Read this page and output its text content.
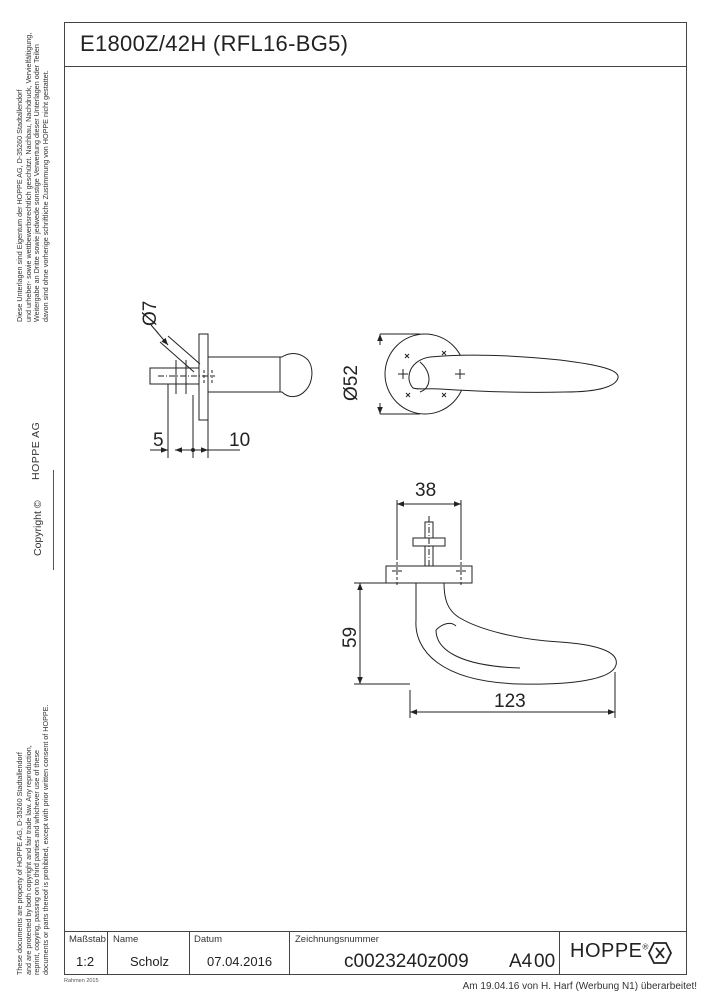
E1800Z/42H (RFL16-BG5)
Diese Unterlagen sind Eigentum der HOPPE AG, D-35260 Stadtallendorf und urheber- sowie wettbewerbsrechtlich geschützt. Nachbau, Nachdruck, Vervielfältigung, Weitergabe an Dritte sowie jedwede sonstige Verwertung dieser Unterlagen oder Teilen davon sind ohne vorherige schriftliche Zustimmung von HOPPE nicht gestattet.
Copyright ©
HOPPE AG
These documents are property of HOPPE AG, D-35260 Stadtallendorf and are protected by both copyright and fair trade law. Any reproduction, reprint, copying, passing on to third parties and whichever use of these documents or parts thereof is prohibited, except with prior written consent of HOPPE.
Ø7
Ø52
5	10
38
59
123
Maßstab
1:2
Name
Scholz
Datum
07.04.2016
Zeichnungsnummer
c0023240z009 A4 00 HOPPE®
Rahmen 2015	Am 19.04.16 von H. Harf (Werbung N1) überarbeitet!
